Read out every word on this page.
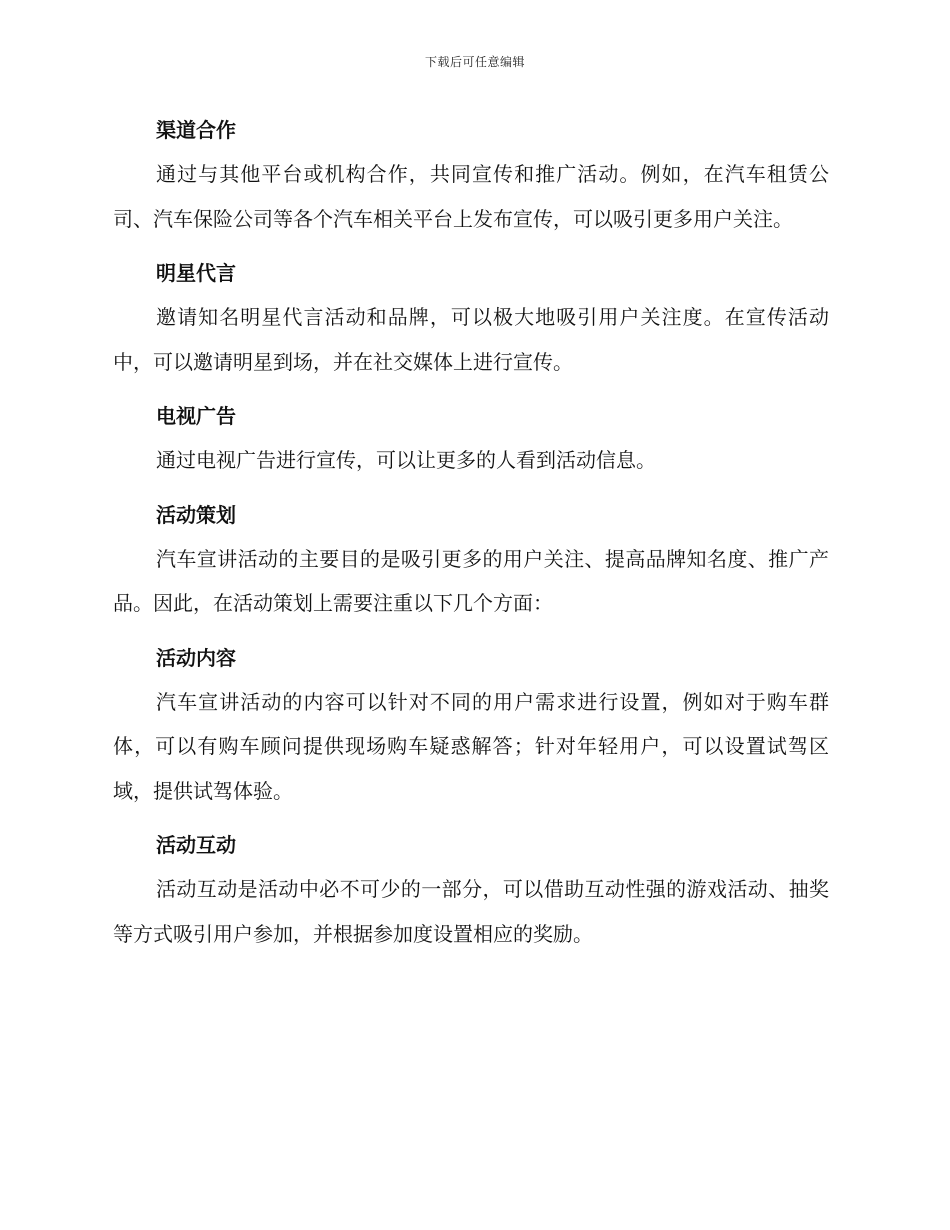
下载后可任意编辑

渠道合作

通过与其他平台或机构合作，共同宣传和推广活动。例如，在汽车租赁公司、汽车保险公司等各个汽车相关平台上发布宣传，可以吸引更多用户关注。

明星代言

邀请知名明星代言活动和品牌，可以极大地吸引用户关注度。在宣传活动中，可以邀请明星到场，并在社交媒体上进行宣传。

电视广告

通过电视广告进行宣传，可以让更多的人看到活动信息。

活动策划

汽车宣讲活动的主要目的是吸引更多的用户关注、提高品牌知名度、推广产品。因此，在活动策划上需要注重以下几个方面：

活动内容

汽车宣讲活动的内容可以针对不同的用户需求进行设置，例如对于购车群体，可以有购车顾问提供现场购车疑惑解答；针对年轻用户，可以设置试驾区域，提供试驾体验。

活动互动

活动互动是活动中必不可少的一部分，可以借助互动性强的游戏活动、抽奖等方式吸引用户参加，并根据参加度设置相应的奖励。
